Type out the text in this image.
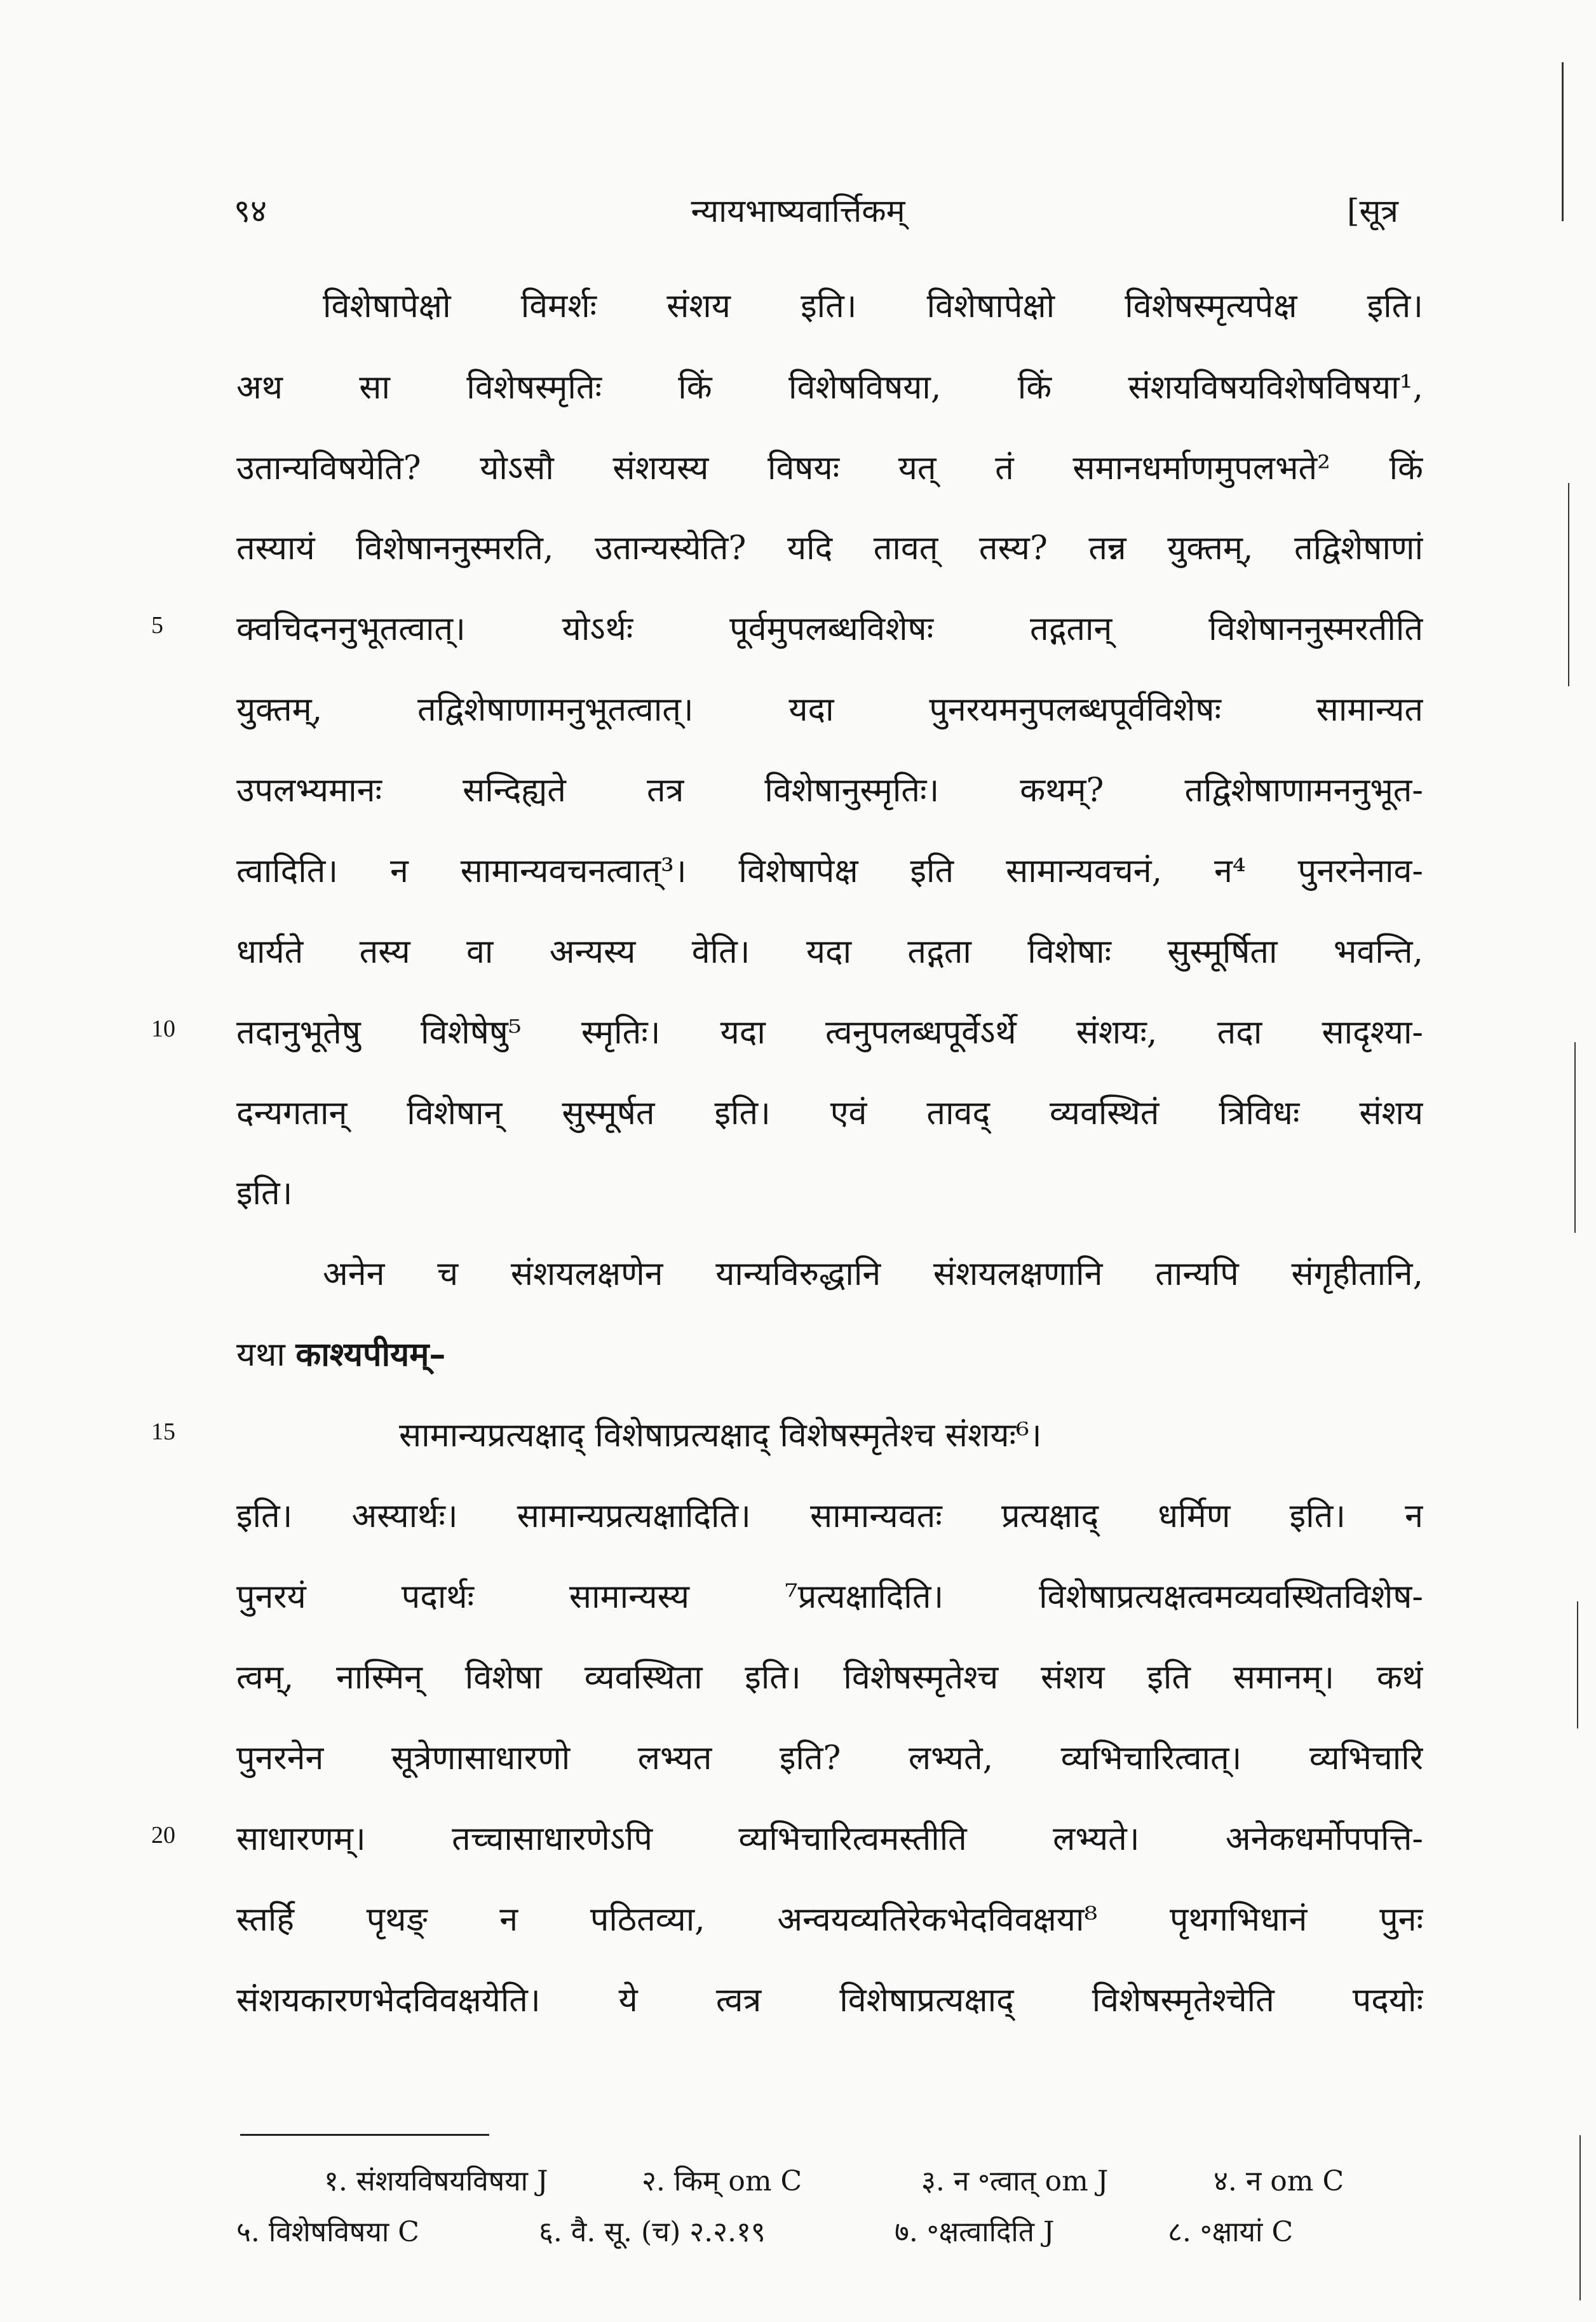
९४	न्यायभाष्यवार्त्तिकम्	[सूत्र
विशेषापेक्षो विमर्शः संशय इति। विशेषापेक्षो विशेषस्मृत्यपेक्ष इति।
अथ सा विशेषस्मृतिः किं विशेषविषया, किं संशयविषयविशेषविषया¹,
उतान्यविषयेति? योऽसौ संशयस्य विषयः यत् तं समानधर्माणमुपलभते² किं
तस्यायं विशेषाननुस्मरति, उतान्यस्येति? यदि तावत् तस्य? तन्न युक्तम्, तद्विशेषाणां
क्वचिदननुभूतत्वात्। योऽर्थः पूर्वमुपलब्धविशेषः तद्गतान् विशेषाननुस्मरतीति
युक्तम्, तद्विशेषाणामनुभूतत्वात्। यदा पुनरयमनुपलब्धपूर्वविशेषः सामान्यत
उपलभ्यमानः सन्दिह्यते तत्र विशेषानुस्मृतिः। कथम्? तद्विशेषाणामननुभूत-
त्वादिति। न सामान्यवचनत्वात्³। विशेषापेक्ष इति सामान्यवचनं, न⁴ पुनरनेनाव-
धार्यते तस्य वा अन्यस्य वेति। यदा तद्गता विशेषाः सुस्मूर्षिता भवन्ति,
तदानुभूतेषु विशेषेषु⁵ स्मृतिः। यदा त्वनुपलब्धपूर्वेऽर्थे संशयः, तदा सादृश्या-
दन्यगतान् विशेषान् सुस्मूर्षत इति। एवं तावद् व्यवस्थितं त्रिविधः संशय
इति।
अनेन च संशयलक्षणेन यान्यविरुद्धानि संशयलक्षणानि तान्यपि संगृहीतानि,
यथा काश्यपीयम्–
सामान्यप्रत्यक्षाद् विशेषाप्रत्यक्षाद् विशेषस्मृतेश्च संशयः⁶।
इति। अस्यार्थः। सामान्यप्रत्यक्षादिति। सामान्यवतः प्रत्यक्षाद् धर्मिण इति। न
पुनरयं पदार्थः सामान्यस्य ⁷प्रत्यक्षादिति। विशेषाप्रत्यक्षत्वमव्यवस्थितविशेष-
त्वम्, नास्मिन् विशेषा व्यवस्थिता इति। विशेषस्मृतेश्च संशय इति समानम्। कथं
पुनरनेन सूत्रेणासाधारणो लभ्यत इति? लभ्यते, व्यभिचारित्वात्। व्यभिचारि
साधारणम्। तच्चासाधारणेऽपि व्यभिचारित्वमस्तीति लभ्यते। अनेकधर्मोपपत्ति-
स्तर्हि पृथङ् न पठितव्या, अन्वयव्यतिरेकभेदविवक्षया⁸ पृथगभिधानं पुनः
संशयकारणभेदविवक्षयेति। ये त्वत्र विशेषाप्रत्यक्षाद् विशेषस्मृतेश्चेति पदयोः
5
10
15
20
१. संशयविषयविषया J	२. किम् om C	३. न ॰त्वात् om J	४. न om C
५. विशेषविषया C	६. वै. सू. (च) २.२.१९	७. ॰क्षत्वादिति J	८. ॰क्षायां C
